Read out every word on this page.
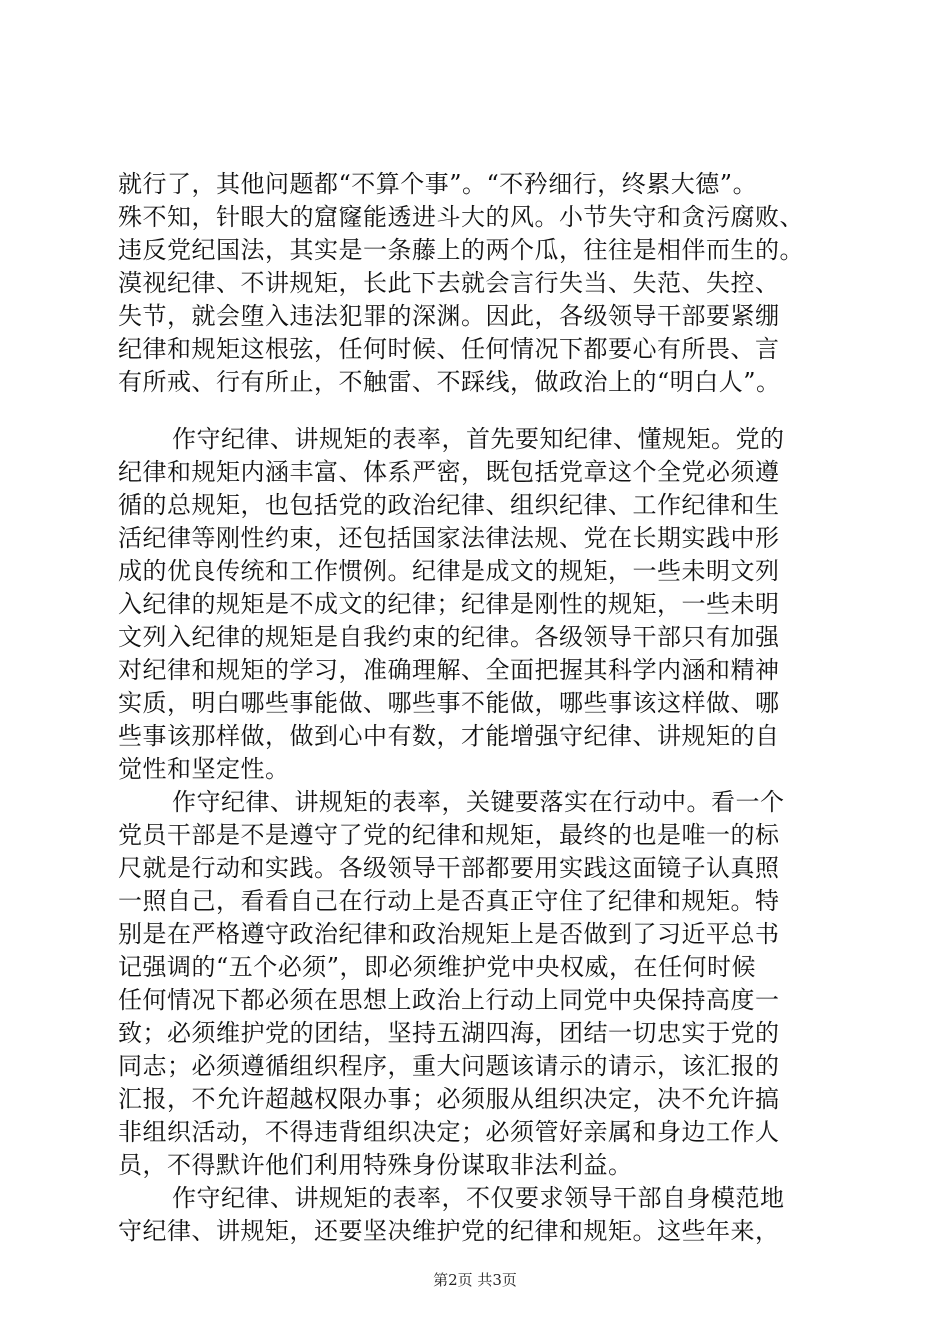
就行了，其他问题都“不算个事”。“不矜细行，终累大德”。
殊不知，针眼大的窟窿能透进斗大的风。小节失守和贪污腐败、
违反党纪国法，其实是一条藤上的两个瓜，往往是相伴而生的。
漠视纪律、不讲规矩，长此下去就会言行失当、失范、失控、
失节，就会堕入违法犯罪的深渊。因此，各级领导干部要紧绷
纪律和规矩这根弦，任何时候、任何情况下都要心有所畏、言
有所戒、行有所止，不触雷、不踩线，做政治上的“明白人”。
作守纪律、讲规矩的表率，首先要知纪律、懂规矩。党的
纪律和规矩内涵丰富、体系严密，既包括党章这个全党必须遵
循的总规矩，也包括党的政治纪律、组织纪律、工作纪律和生
活纪律等刚性约束，还包括国家法律法规、党在长期实践中形
成的优良传统和工作惯例。纪律是成文的规矩，一些未明文列
入纪律的规矩是不成文的纪律；纪律是刚性的规矩，一些未明
文列入纪律的规矩是自我约束的纪律。各级领导干部只有加强
对纪律和规矩的学习，准确理解、全面把握其科学内涵和精神
实质，明白哪些事能做、哪些事不能做，哪些事该这样做、哪
些事该那样做，做到心中有数，才能增强守纪律、讲规矩的自
觉性和坚定性。
作守纪律、讲规矩的表率，关键要落实在行动中。看一个
党员干部是不是遵守了党的纪律和规矩，最终的也是唯一的标
尺就是行动和实践。各级领导干部都要用实践这面镜子认真照
一照自己，看看自己在行动上是否真正守住了纪律和规矩。特
别是在严格遵守政治纪律和政治规矩上是否做到了习近平总书
记强调的“五个必须”，即必须维护党中央权威，在任何时候
任何情况下都必须在思想上政治上行动上同党中央保持高度一
致；必须维护党的团结，坚持五湖四海，团结一切忠实于党的
同志；必须遵循组织程序，重大问题该请示的请示，该汇报的
汇报，不允许超越权限办事；必须服从组织决定，决不允许搞
非组织活动，不得违背组织决定；必须管好亲属和身边工作人
员，不得默许他们利用特殊身份谋取非法利益。
作守纪律、讲规矩的表率，不仅要求领导干部自身模范地
守纪律、讲规矩，还要坚决维护党的纪律和规矩。这些年来，
第2页 共3页
